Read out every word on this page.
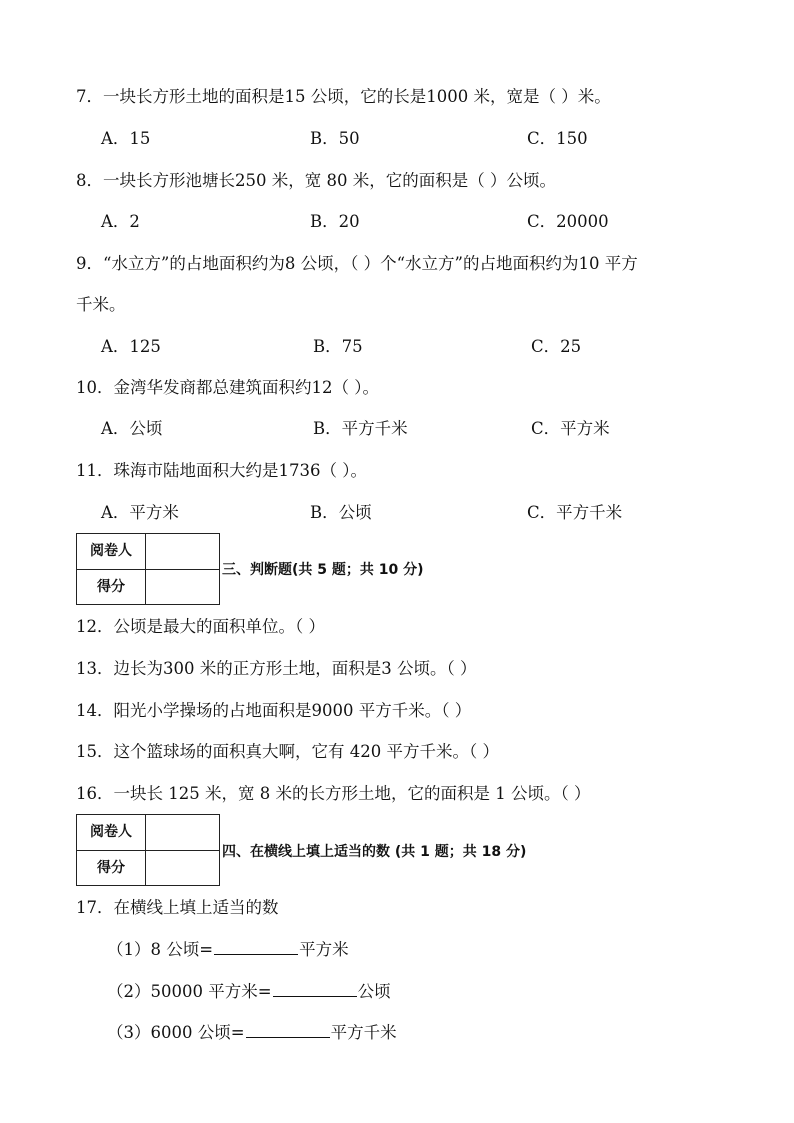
7．一块长方形土地的面积是15 公顷，它的长是1000 米，宽是（ ）米。
A．15	B．50	C．150
8．一块长方形池塘长250 米，宽 80 米，它的面积是（ ）公顷。
A．2	B．20	C．20000
9．“水立方”的占地面积约为8 公顷，（ ）个“水立方”的占地面积约为10 平方
千米。
A．125	B．75	C．25
10．金湾华发商都总建筑面积约12（ ）。
A．公顷	B．平方千米	C．平方米
11．珠海市陆地面积大约是1736（ ）。
A．平方米	B．公顷	C．平方千米
阅卷人
得分
三、判断题(共 5 题；共 10 分)
12．公顷是最大的面积单位。（ ）
13．边长为300 米的正方形土地，面积是3 公顷。（ ）
14．阳光小学操场的占地面积是9000 平方千米。（ ）
15．这个篮球场的面积真大啊，它有 420 平方千米。（ ）
16．一块长 125 米，宽 8 米的长方形土地，它的面积是 1 公顷。（ ）
阅卷人
得分
四、在横线上填上适当的数 (共 1 题；共 18 分)
17．在横线上填上适当的数
（1）8 公顷=	平方米
（2）50000 平方米=	公顷
（3）6000 公顷=	平方千米
